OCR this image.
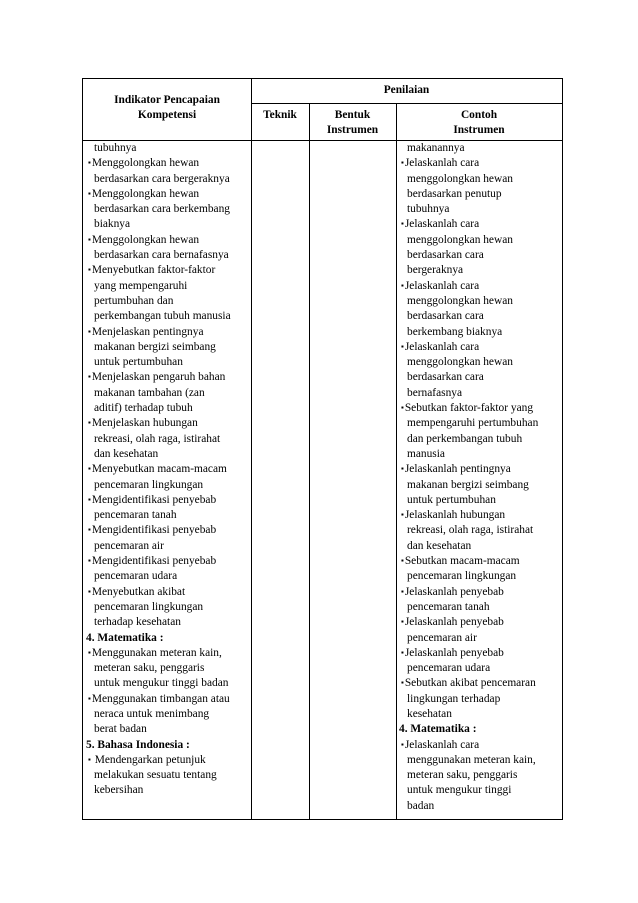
Indikator Pencapaian
Kompetensi
Penilaian
Teknik	Bentuk
Instrumen
Contoh
Instrumen
tubuhnya
▪Menggolongkan hewan
berdasarkan cara bergeraknya
▪Menggolongkan hewan
berdasarkan cara berkembang
biaknya
▪Menggolongkan hewan
berdasarkan cara bernafasnya
▪Menyebutkan faktor-faktor
yang mempengaruhi
pertumbuhan dan
perkembangan tubuh manusia
▪Menjelaskan pentingnya
makanan bergizi seimbang
untuk pertumbuhan
▪Menjelaskan pengaruh bahan
makanan tambahan (zan
aditif) terhadap tubuh
▪Menjelaskan hubungan
rekreasi, olah raga, istirahat
dan kesehatan
▪Menyebutkan macam-macam
pencemaran lingkungan
▪Mengidentifikasi penyebab
pencemaran tanah
▪Mengidentifikasi penyebab
pencemaran air
▪Mengidentifikasi penyebab
pencemaran udara
▪Menyebutkan akibat
pencemaran lingkungan
terhadap kesehatan
4. Matematika :
▪Menggunakan meteran kain,
meteran saku, penggaris
untuk mengukur tinggi badan
▪Menggunakan timbangan atau
neraca untuk menimbang
berat badan
5. Bahasa Indonesia :
▪ Mendengarkan petunjuk
melakukan sesuatu tentang
kebersihan
makanannya
▪Jelaskanlah cara
menggolongkan hewan
berdasarkan penutup
tubuhnya
▪Jelaskanlah cara
menggolongkan hewan
berdasarkan cara
bergeraknya
▪Jelaskanlah cara
menggolongkan hewan
berdasarkan cara
berkembang biaknya
▪Jelaskanlah cara
menggolongkan hewan
berdasarkan cara
bernafasnya
▪Sebutkan faktor-faktor yang
mempengaruhi pertumbuhan
dan perkembangan tubuh
manusia
▪Jelaskanlah pentingnya
makanan bergizi seimbang
untuk pertumbuhan
▪Jelaskanlah hubungan
rekreasi, olah raga, istirahat
dan kesehatan
▪Sebutkan macam-macam
pencemaran lingkungan
▪Jelaskanlah penyebab
pencemaran tanah
▪Jelaskanlah penyebab
pencemaran air
▪Jelaskanlah penyebab
pencemaran udara
▪Sebutkan akibat pencemaran
lingkungan terhadap
kesehatan
4. Matematika :
▪Jelaskanlah cara
menggunakan meteran kain,
meteran saku, penggaris
untuk mengukur tinggi
badan
